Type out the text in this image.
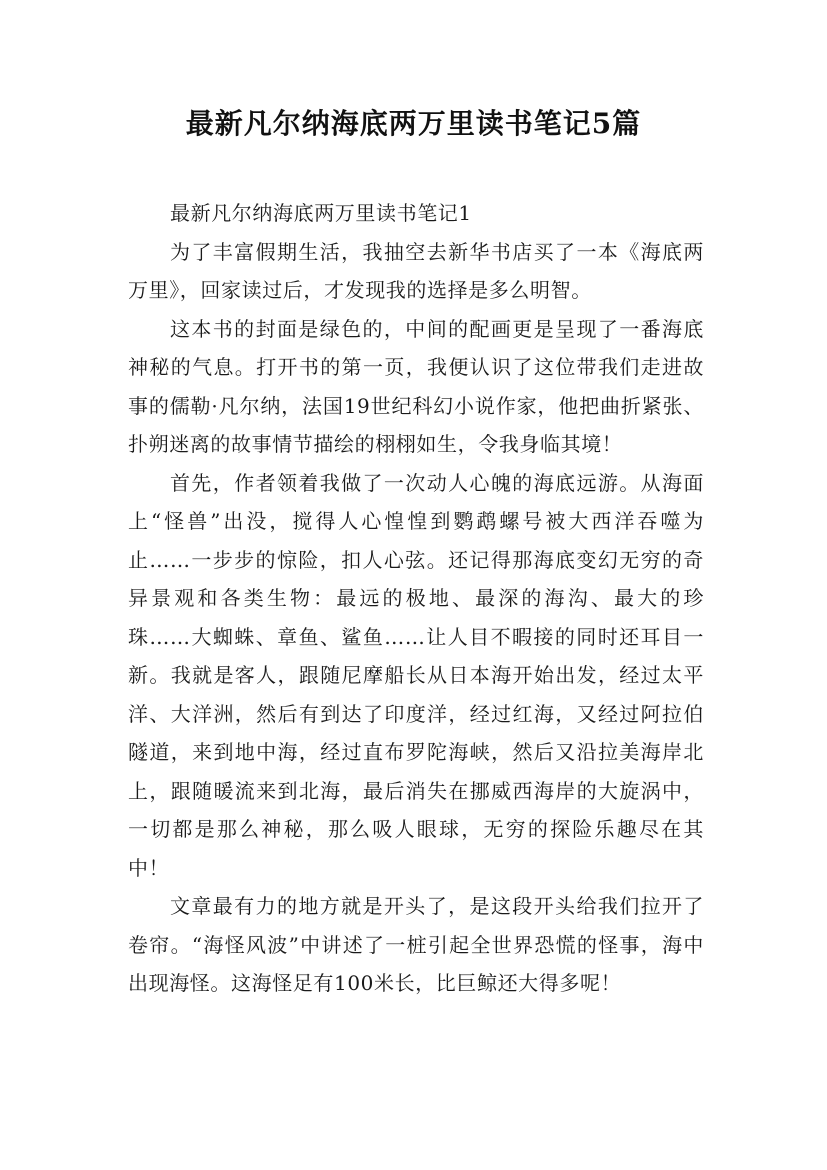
最新凡尔纳海底两万里读书笔记5篇

最新凡尔纳海底两万里读书笔记1

为了丰富假期生活，我抽空去新华书店买了一本《海底两万里》，回家读过后，才发现我的选择是多么明智。

这本书的封面是绿色的，中间的配画更是呈现了一番海底神秘的气息。打开书的第一页，我便认识了这位带我们走进故事的儒勒·凡尔纳，法国19世纪科幻小说作家，他把曲折紧张、扑朔迷离的故事情节描绘的栩栩如生，令我身临其境！

首先，作者领着我做了一次动人心魄的海底远游。从海面上“怪兽”出没，搅得人心惶惶到鹦鹉螺号被大西洋吞噬为止……一步步的惊险，扣人心弦。还记得那海底变幻无穷的奇异景观和各类生物：最远的极地、最深的海沟、最大的珍珠……大蜘蛛、章鱼、鲨鱼……让人目不暇接的同时还耳目一新。我就是客人，跟随尼摩船长从日本海开始出发，经过太平洋、大洋洲，然后有到达了印度洋，经过红海，又经过阿拉伯隧道，来到地中海，经过直布罗陀海峡，然后又沿拉美海岸北上，跟随暖流来到北海，最后消失在挪威西海岸的大旋涡中，一切都是那么神秘，那么吸人眼球，无穷的探险乐趣尽在其中！

文章最有力的地方就是开头了，是这段开头给我们拉开了卷帘。“海怪风波”中讲述了一桩引起全世界恐慌的怪事，海中出现海怪。这海怪足有100米长，比巨鲸还大得多呢！
